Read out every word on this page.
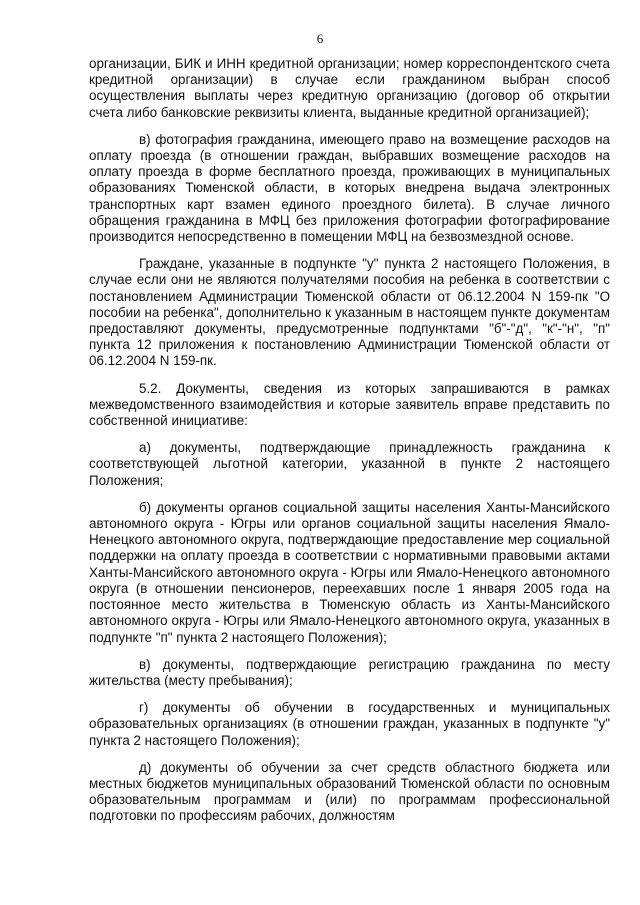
6

организации, БИК и ИНН кредитной организации; номер корреспондентского счета кредитной организации) в случае если гражданином выбран способ осуществления выплаты через кредитную организацию (договор об открытии счета либо банковские реквизиты клиента, выданные кредитной организацией);

в) фотография гражданина, имеющего право на возмещение расходов на оплату проезда (в отношении граждан, выбравших возмещение расходов на оплату проезда в форме бесплатного проезда, проживающих в муниципальных образованиях Тюменской области, в которых внедрена выдача электронных транспортных карт взамен единого проездного билета). В случае личного обращения гражданина в МФЦ без приложения фотографии фотографирование производится непосредственно в помещении МФЦ на безвозмездной основе.

Граждане, указанные в подпункте "у" пункта 2 настоящего Положения, в случае если они не являются получателями пособия на ребенка в соответствии с постановлением Администрации Тюменской области от 06.12.2004 N 159-пк "О пособии на ребенка", дополнительно к указанным в настоящем пункте документам предоставляют документы, предусмотренные подпунктами "б"-"д", "к"-"н", "п" пункта 12 приложения к постановлению Администрации Тюменской области от 06.12.2004 N 159-пк.

5.2. Документы, сведения из которых запрашиваются в рамках межведомственного взаимодействия и которые заявитель вправе представить по собственной инициативе:

а) документы, подтверждающие принадлежность гражданина к соответствующей льготной категории, указанной в пункте 2 настоящего Положения;

б) документы органов социальной защиты населения Ханты-Мансийского автономного округа - Югры или органов социальной защиты населения Ямало-Ненецкого автономного округа, подтверждающие предоставление мер социальной поддержки на оплату проезда в соответствии с нормативными правовыми актами Ханты-Мансийского автономного округа - Югры или Ямало-Ненецкого автономного округа (в отношении пенсионеров, переехавших после 1 января 2005 года на постоянное место жительства в Тюменскую область из Ханты-Мансийского автономного округа - Югры или Ямало-Ненецкого автономного округа, указанных в подпункте "п" пункта 2 настоящего Положения);

в) документы, подтверждающие регистрацию гражданина по месту жительства (месту пребывания);

г) документы об обучении в государственных и муниципальных образовательных организациях (в отношении граждан, указанных в подпункте "у" пункта 2 настоящего Положения);

д) документы об обучении за счет средств областного бюджета или местных бюджетов муниципальных образований Тюменской области по основным образовательным программам и (или) по программам профессиональной подготовки по профессиям рабочих, должностям
